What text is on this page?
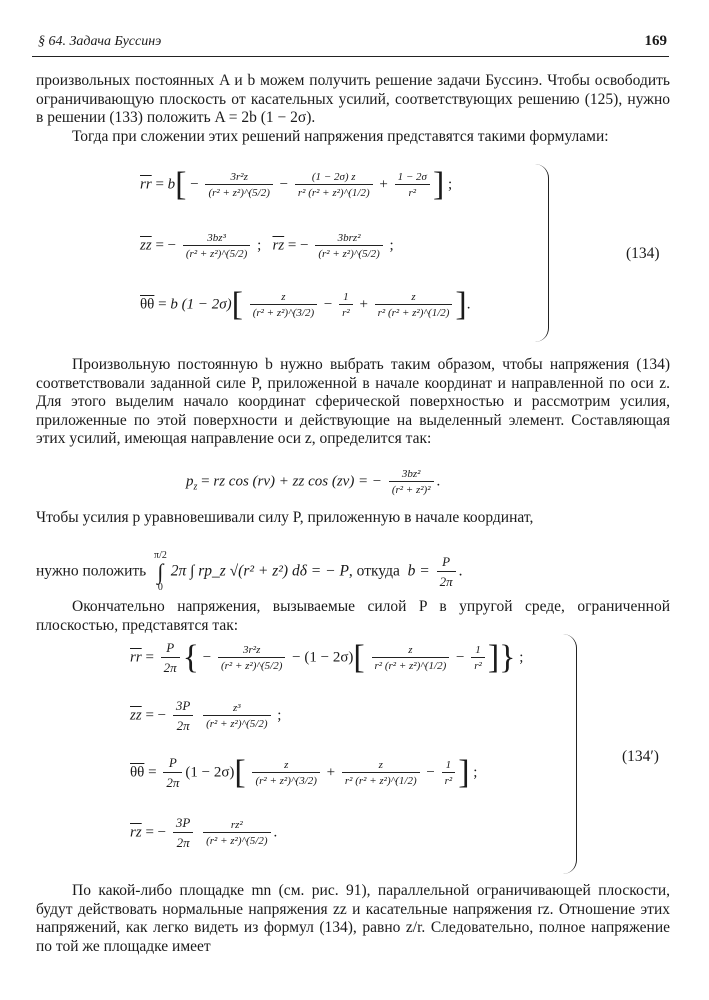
§ 64. Задача Буссинэ	169

произвольных постоянных A и b можем получить решение задачи Буссинэ. Чтобы освободить ограничивающую плоскость от касательных усилий, соответствующих решению (125), нужно в решении (133) положить A = 2b (1 − 2σ).

Тогда при сложении этих решений напряжения представятся такими формулами:

$\overline{rr} = b[ - \frac{\text{3r²z}}{\text{(r² + z²)\textasciicircum{}(5/2)}} - \frac{(1 - 2\sigma) z}{\text{r² (r² + z²)\textasciicircum{}(1/2)}} + \frac{1 - 2\sigma}{\text{r²}}$ ] ;
$\overline{zz}$ = − $\frac{\text{3bz³}}{\text{(r² + z²)\textasciicircum{}(5/2)}}$ ; $\overline{rz}$ = −	3brz²
(r² + z²)^(5/2)
;
$\overline{\theta\theta} = b$ $(1 - 2\sigma)[ \frac{z}{\text{(r² + z²)\textasciicircum{}(3/2)}} - \frac{1}{\text{r²}} + \frac{z}{\text{r² (r² + z²)\textasciicircum{}(1/2)}}$ ].
(134)

Произвольную постоянную b нужно выбрать таким образом, чтобы напряжения (134) соответствовали заданной силе P, приложенной в начале координат и направленной по оси z. Для этого выделим начало координат сферической поверхностью и рассмотрим усилия, приложенные по этой поверхности и действующие на выделенный элемент. Составляющая этих усилий, имеющая направление оси z, определится так:

$p_z$ = rz cos (rν) + zz cos (zν) = − $\frac{\text{3bz²}}{\text{(r² + z²)²}}$ .

Чтобы усилия p уравновешивали силу P, приложенную в начале координат,

нужно положить
π/2
∫
0
2π ∫ rp_z √(r² + z²) dδ = − P, откуда $b = \frac{P}{2\pi}$ .

Окончательно напряжения, вызываемые силой P в упругой среде, ограниченной плоскостью, представятся так:

$\overline{rr} = \frac{P}{2\pi}$ { − $\frac{\text{3r²z}}{\text{(r² + z²)\textasciicircum{}(5/2)}} - (1 - 2\sigma)[ \frac{z}{\text{r² (r² + z²)\textasciicircum{}(1/2)}} - \frac{1}{\text{r²}}$ ]} ;
$\overline{zz}$ = − $\frac{3P}{2\pi}$
$\frac{\text{z³}}{\text{(r² + z²)\textasciicircum{}(5/2)}}$ ;
$\overline{\theta\theta} = \frac{P}{2\pi} (1 - 2\sigma)[ \frac{z}{\text{(r² + z²)\textasciicircum{}(3/2)}} + \frac{z}{\text{r² (r² + z²)\textasciicircum{}(1/2)}} - \frac{1}{\text{r²}}$ ] ;
$\overline{rz}$ = − $\frac{3P}{2\pi}$
$\frac{\text{rz²}}{\text{(r² + z²)\textasciicircum{}(5/2)}}$ .
(134′)

По какой-либо площадке mn (см. рис. 91), параллельной ограничивающей плоскости, будут действовать нормальные напряжения zz и касательные напряжения rz. Отношение этих напряжений, как легко видеть из формул (134), равно z/r. Следовательно, полное напряжение по той же площадке имеет
